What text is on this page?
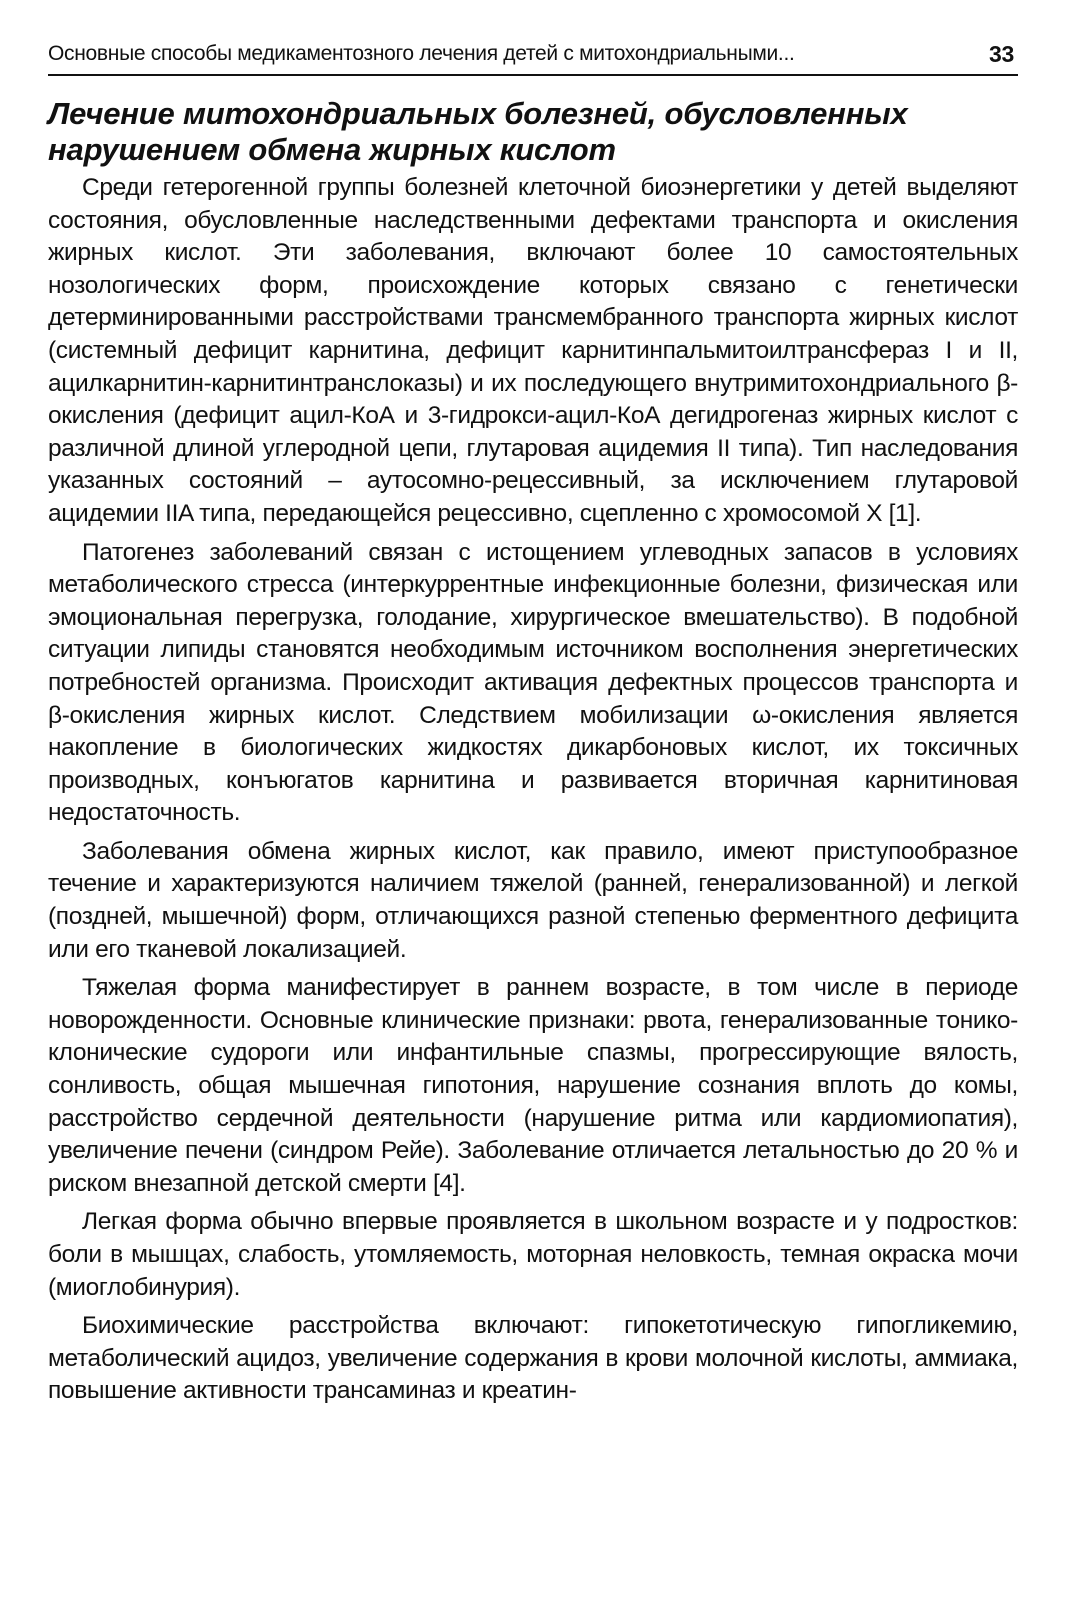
Основные способы медикаментозного лечения детей с митохондриальными...	33
Лечение митохондриальных болезней, обусловленных нарушением обмена жирных кислот

Среди гетерогенной группы болезней клеточной биоэнергетики у детей выделяют состояния, обусловленные наследственными дефектами транспорта и окисления жирных кислот. Эти заболевания, включают более 10 самостоятельных нозологических форм, происхождение которых связано с генетически детерминированными расстройствами трансмембранного транспорта жирных кислот (системный дефицит карнитина, дефицит карнитинпальмитоилтрансфераз I и II, ацилкарнитин-карнитинтранслоказы) и их последующего внутримитохондриального β-окисления (дефицит ацил-КоА и 3-гидрокси-ацил-КоА дегидрогеназ жирных кислот с различной длиной углеродной цепи, глутаровая ацидемия II типа). Тип наследования указанных состояний – аутосомно-рецессивный, за исключением глутаровой ацидемии IIA типа, передающейся рецессивно, сцепленно с хромосомой X [1].

Патогенез заболеваний связан с истощением углеводных запасов в условиях метаболического стресса (интеркуррентные инфекционные болезни, физическая или эмоциональная перегрузка, голодание, хирургическое вмешательство). В подобной ситуации липиды становятся необходимым источником восполнения энергетических потребностей организма. Происходит активация дефектных процессов транспорта и β-окисления жирных кислот. Следствием мобилизации ω-окисления является накопление в биологических жидкостях дикарбоновых кислот, их токсичных производных, конъюгатов карнитина и развивается вторичная карнитиновая недостаточность.

Заболевания обмена жирных кислот, как правило, имеют приступообразное течение и характеризуются наличием тяжелой (ранней, генерализованной) и легкой (поздней, мышечной) форм, отличающихся разной степенью ферментного дефицита или его тканевой локализацией.

Тяжелая форма манифестирует в раннем возрасте, в том числе в периоде новорожденности. Основные клинические признаки: рвота, генерализованные тонико-клонические судороги или инфантильные спазмы, прогрессирующие вялость, сонливость, общая мышечная гипотония, нарушение сознания вплоть до комы, расстройство сердечной деятельности (нарушение ритма или кардиомиопатия), увеличение печени (синдром Рейе). Заболевание отличается летальностью до 20 % и риском внезапной детской смерти [4].

Легкая форма обычно впервые проявляется в школьном возрасте и у подростков: боли в мышцах, слабость, утомляемость, моторная неловкость, темная окраска мочи (миоглобинурия).

Биохимические расстройства включают: гипокетотическую гипогликемию, метаболический ацидоз, увеличение содержания в крови молочной кислоты, аммиака, повышение активности трансаминаз и креатин-
